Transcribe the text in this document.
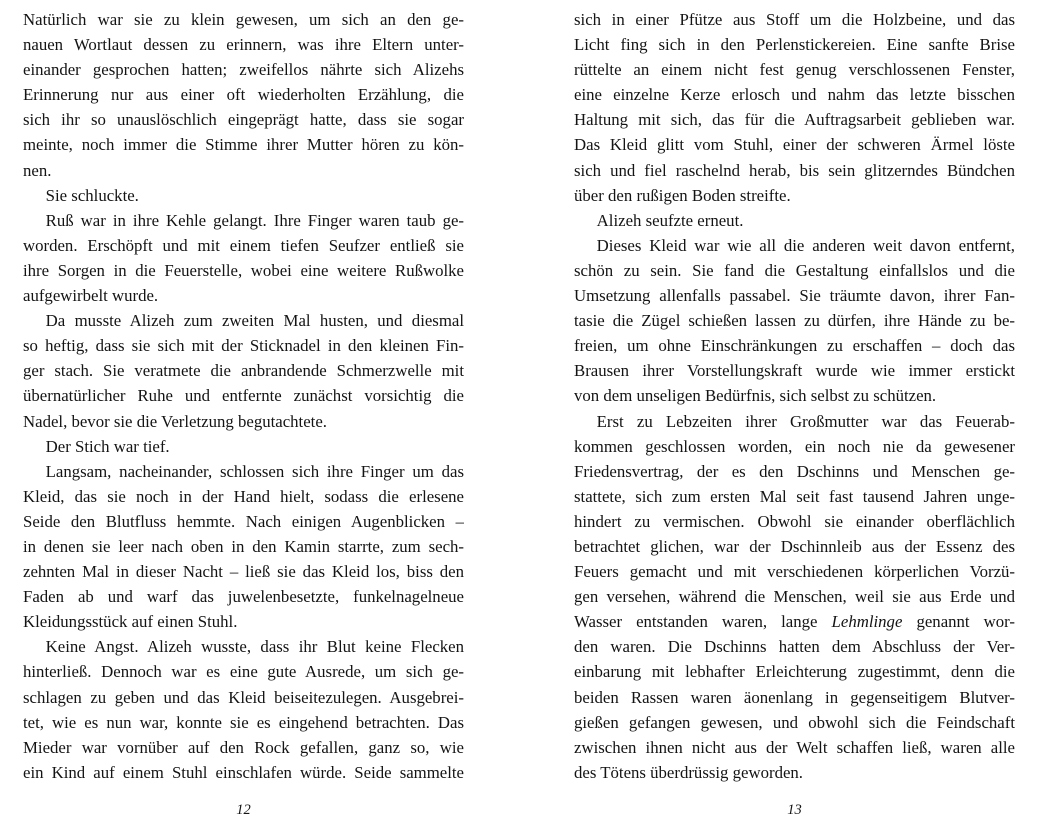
Natürlich war sie zu klein gewesen, um sich an den ge-
nauen Wortlaut dessen zu erinnern, was ihre Eltern unter-
einander gesprochen hatten; zweifellos nährte sich Alizehs
Erinnerung nur aus einer oft wiederholten Erzählung, die
sich ihr so unauslöschlich eingeprägt hatte, dass sie sogar
meinte, noch immer die Stimme ihrer Mutter hören zu kön-
nen.
Sie schluckte.
Ruß war in ihre Kehle gelangt. Ihre Finger waren taub ge-
worden. Erschöpft und mit einem tiefen Seufzer entließ sie
ihre Sorgen in die Feuerstelle, wobei eine weitere Rußwolke
aufgewirbelt wurde.
Da musste Alizeh zum zweiten Mal husten, und diesmal
so heftig, dass sie sich mit der Sticknadel in den kleinen Fin-
ger stach. Sie veratmete die anbrandende Schmerzwelle mit
übernatürlicher Ruhe und entfernte zunächst vorsichtig die
Nadel, bevor sie die Verletzung begutachtete.
Der Stich war tief.
Langsam, nacheinander, schlossen sich ihre Finger um das
Kleid, das sie noch in der Hand hielt, sodass die erlesene
Seide den Blutfluss hemmte. Nach einigen Augenblicken –
in denen sie leer nach oben in den Kamin starrte, zum sech-
zehnten Mal in dieser Nacht – ließ sie das Kleid los, biss den
Faden ab und warf das juwelenbesetzte, funkelnagelneue
Kleidungsstück auf einen Stuhl.
Keine Angst. Alizeh wusste, dass ihr Blut keine Flecken
hinterließ. Dennoch war es eine gute Ausrede, um sich ge-
schlagen zu geben und das Kleid beiseitezulegen. Ausgebrei-
tet, wie es nun war, konnte sie es eingehend betrachten. Das
Mieder war vornüber auf den Rock gefallen, ganz so, wie
ein Kind auf einem Stuhl einschlafen würde. Seide sammelte
12
sich in einer Pfütze aus Stoff um die Holzbeine, und das
Licht fing sich in den Perlenstickereien. Eine sanfte Brise
rüttelte an einem nicht fest genug verschlossenen Fenster,
eine einzelne Kerze erlosch und nahm das letzte bisschen
Haltung mit sich, das für die Auftragsarbeit geblieben war.
Das Kleid glitt vom Stuhl, einer der schweren Ärmel löste
sich und fiel raschelnd herab, bis sein glitzerndes Bündchen
über den rußigen Boden streifte.
Alizeh seufzte erneut.
Dieses Kleid war wie all die anderen weit davon entfernt,
schön zu sein. Sie fand die Gestaltung einfallslos und die
Umsetzung allenfalls passabel. Sie träumte davon, ihrer Fan-
tasie die Zügel schießen lassen zu dürfen, ihre Hände zu be-
freien, um ohne Einschränkungen zu erschaffen – doch das
Brausen ihrer Vorstellungskraft wurde wie immer erstickt
von dem unseligen Bedürfnis, sich selbst zu schützen.
Erst zu Lebzeiten ihrer Großmutter war das Feuerab-
kommen geschlossen worden, ein noch nie da gewesener
Friedensvertrag, der es den Dschinns und Menschen ge-
stattete, sich zum ersten Mal seit fast tausend Jahren unge-
hindert zu vermischen. Obwohl sie einander oberflächlich
betrachtet glichen, war der Dschinnleib aus der Essenz des
Feuers gemacht und mit verschiedenen körperlichen Vorzü-
gen versehen, während die Menschen, weil sie aus Erde und
Wasser entstanden waren, lange Lehmlinge genannt wor-
den waren. Die Dschinns hatten dem Abschluss der Ver-
einbarung mit lebhafter Erleichterung zugestimmt, denn die
beiden Rassen waren äonenlang in gegenseitigem Blutver-
gießen gefangen gewesen, und obwohl sich die Feindschaft
zwischen ihnen nicht aus der Welt schaffen ließ, waren alle
des Tötens überdrüssig geworden.
13
